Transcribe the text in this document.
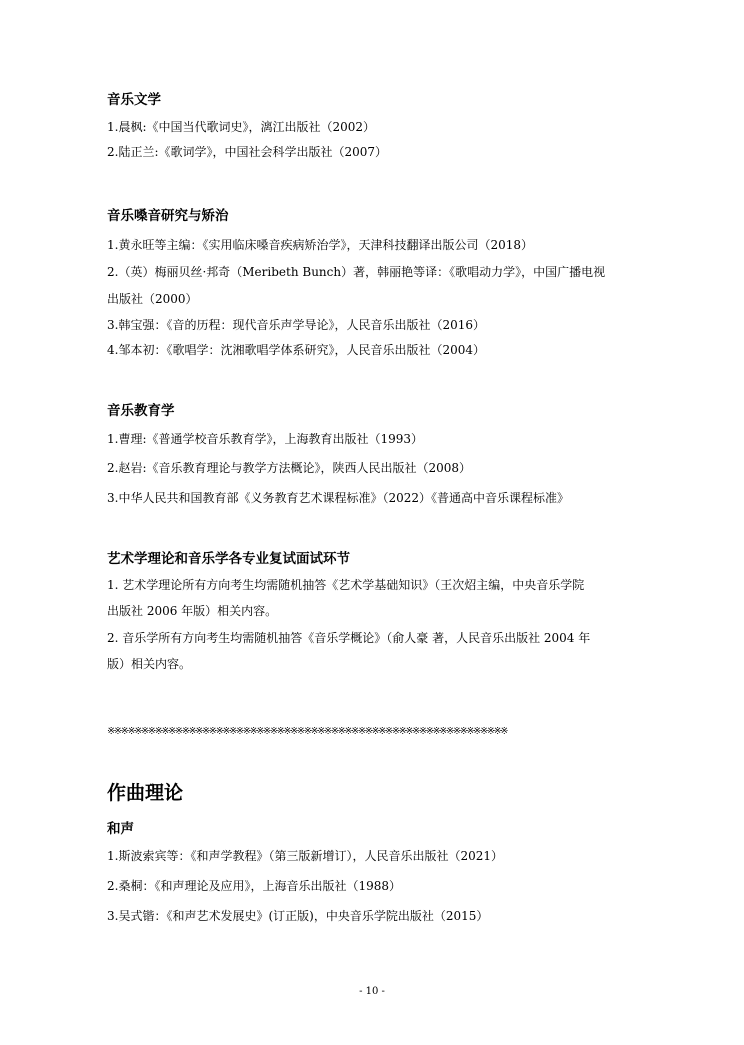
音乐文学
1.晨枫:《中国当代歌词史》，漓江出版社（2002）
2.陆正兰:《歌词学》，中国社会科学出版社（2007）
音乐嗓音研究与矫治
1.黄永旺等主编：《实用临床嗓音疾病矫治学》，天津科技翻译出版公司（2018）
2.（英）梅丽贝丝·邦奇（Meribeth Bunch）著，韩丽艳等译：《歌唱动力学》，中国广播电视
出版社（2000）
3.韩宝强：《音的历程：现代音乐声学导论》，人民音乐出版社（2016）
4.邹本初：《歌唱学：沈湘歌唱学体系研究》，人民音乐出版社（2004）
音乐教育学
1.曹理:《普通学校音乐教育学》，上海教育出版社（1993）
2.赵岩:《音乐教育理论与教学方法概论》，陕西人民出版社（2008）
3.中华人民共和国教育部《义务教育艺术课程标准》（2022）《普通高中音乐课程标准》
艺术学理论和音乐学各专业复试面试环节
1. 艺术学理论所有方向考生均需随机抽答《艺术学基础知识》（王次炤主编，中央音乐学院
出版社 2006 年版）相关内容。
2. 音乐学所有方向考生均需随机抽答《音乐学概论》（俞人豪 著，人民音乐出版社 2004 年
版）相关内容。
※※※※※※※※※※※※※※※※※※※※※※※※※※※※※※※※※※※※※※※※※※※※※※※※※※※※※※※※※※※
作曲理论
和声
1.斯波索宾等：《和声学教程》（第三版新增订），人民音乐出版社（2021）
2.桑桐：《和声理论及应用》，上海音乐出版社（1988）
3.吴式锴：《和声艺术发展史》(订正版)，中央音乐学院出版社（2015）
- 10 -
